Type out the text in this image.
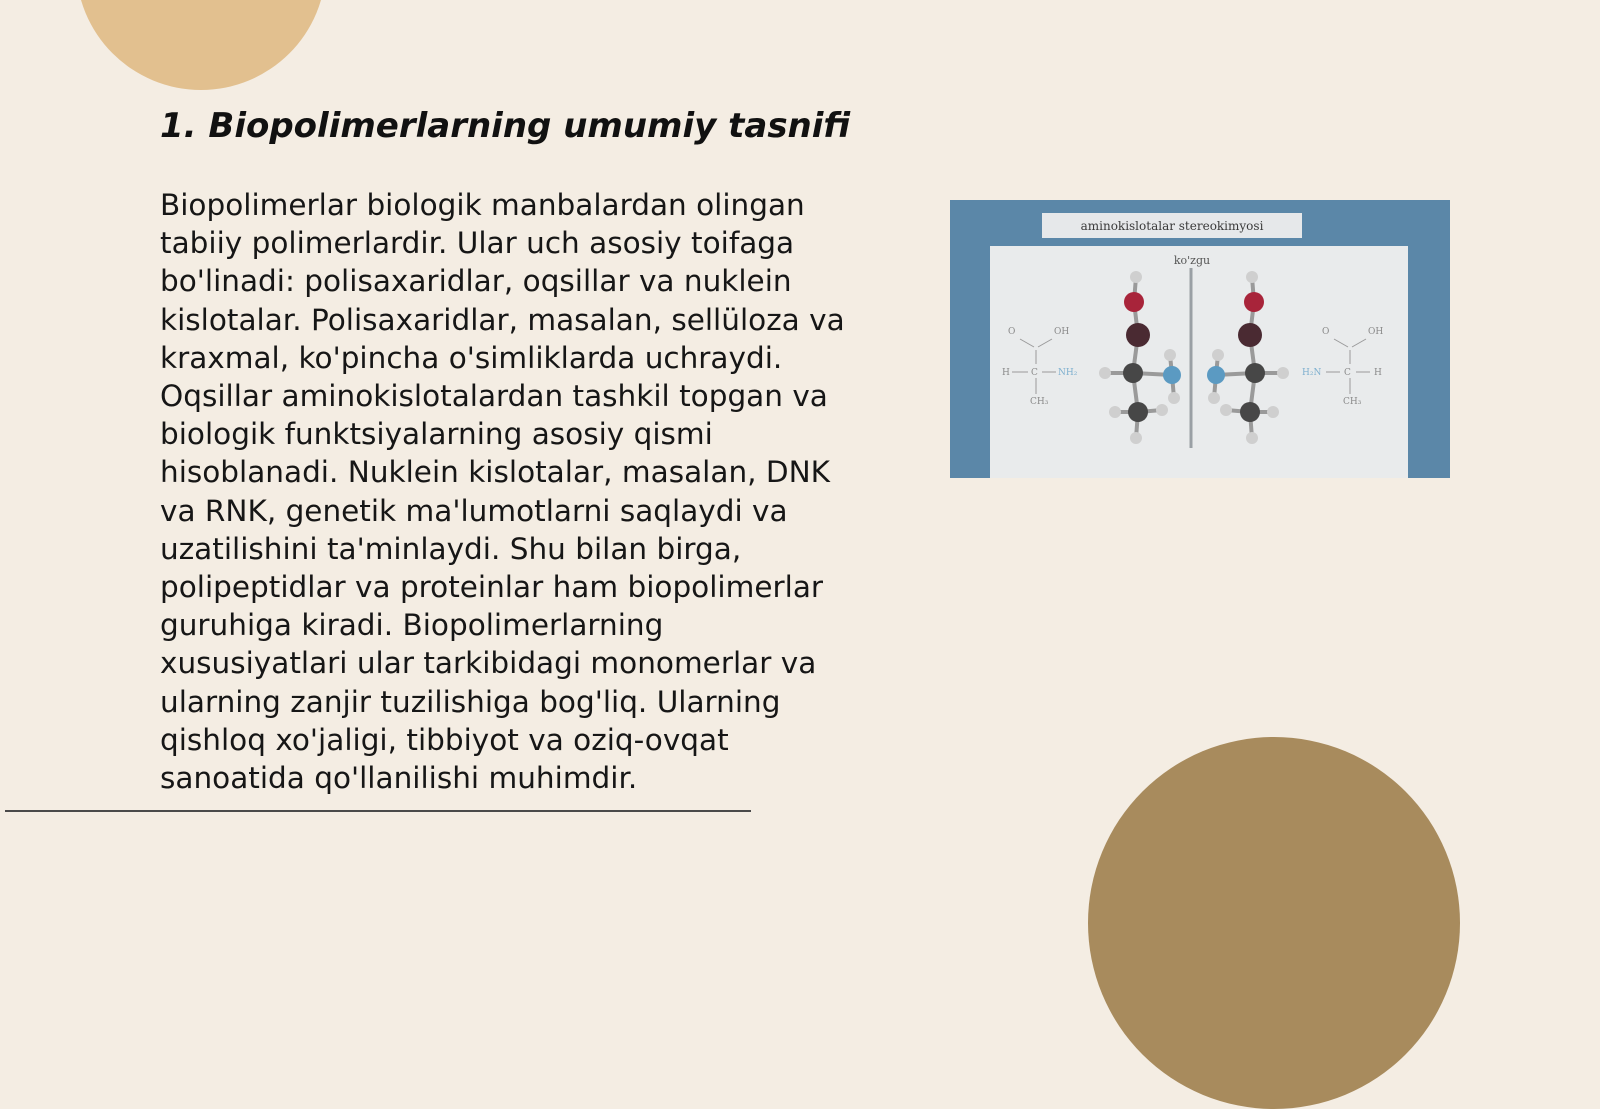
1. Biopolimerlarning umumiy tasnifi

Biopolimerlar biologik manbalardan olingan tabiiy polimerlardir. Ular uch asosiy toifaga bo'linadi: polisaxaridlar, oqsillar va nuklein kislotalar. Polisaxaridlar, masalan, sellüloza va kraxmal, ko'pincha o'simliklarda uchraydi. Oqsillar aminokislotalardan tashkil topgan va biologik funktsiyalarning asosiy qismi hisoblanadi. Nuklein kislotalar, masalan, DNK va RNK, genetik ma'lumotlarni saqlaydi va uzatilishini ta'minlaydi. Shu bilan birga, polipeptidlar va proteinlar ham biopolimerlar guruhiga kiradi. Biopolimerlarning xususiyatlari ular tarkibidagi monomerlar va ularning zanjir tuzilishiga bog'liq. Ularning qishloq xo'jaligi, tibbiyot va oziq-ovqat sanoatida qo'llanilishi muhimdir.

aminokislotalar stereokimyosi
ko'zgu
O	OH
H C NH₂
CH₃
O	OH
H₂N	C	H
CH₃
